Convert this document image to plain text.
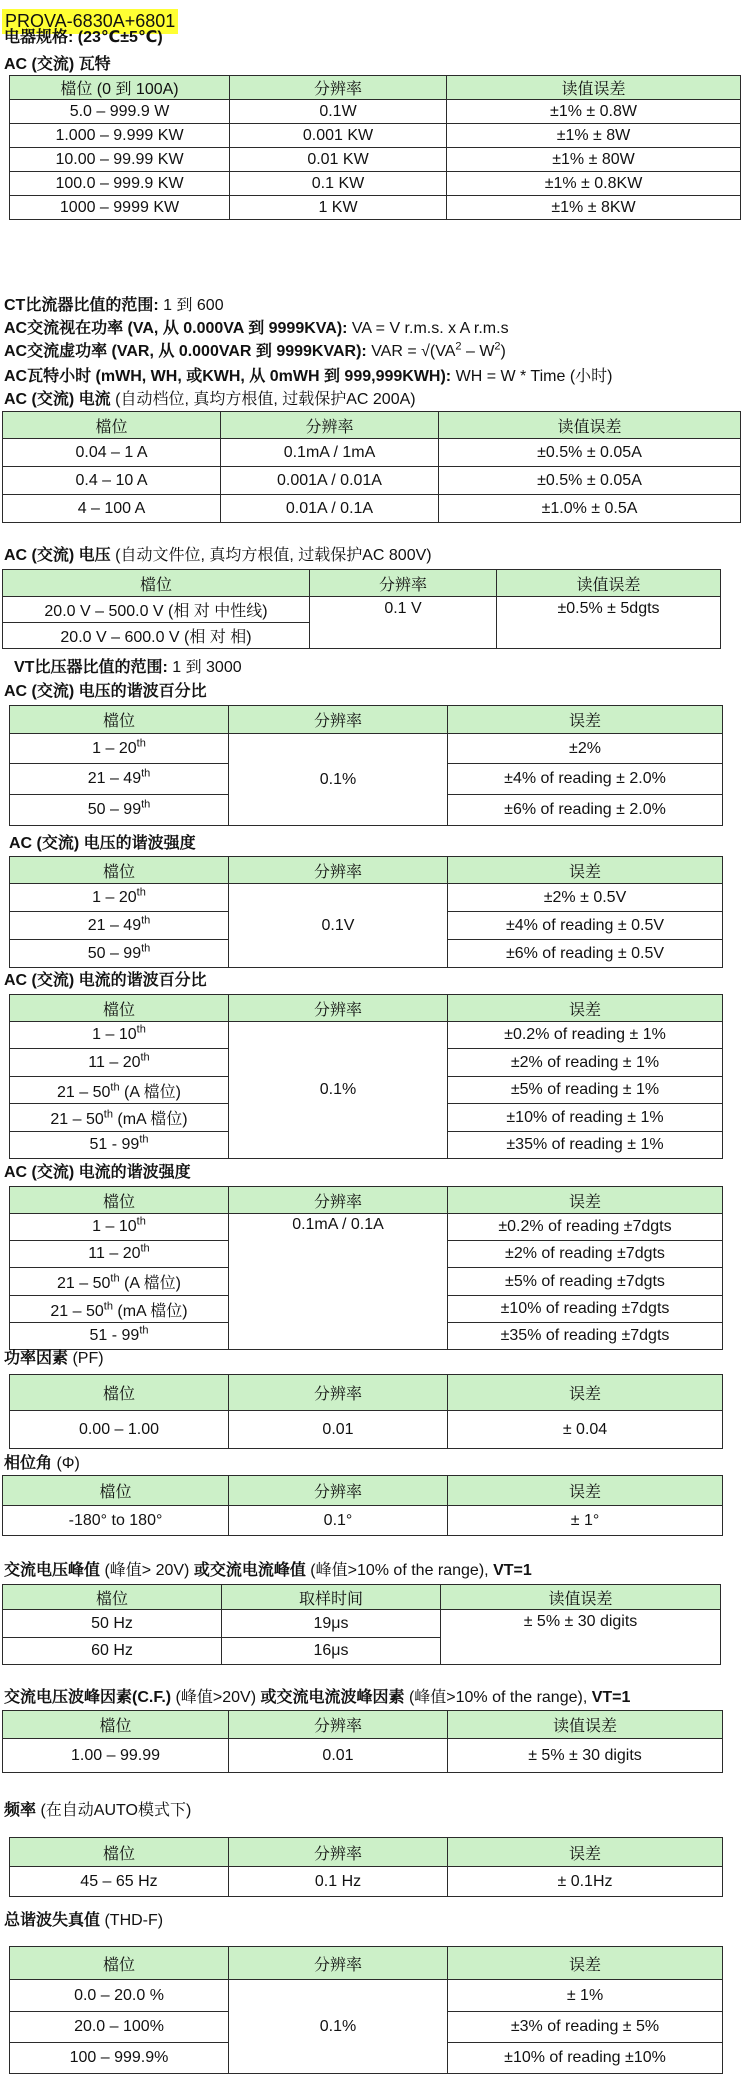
PROVA-6830A+6801
电器规格: (23℃±5℃)
AC (交流) 瓦特
檔位 (0 到 100A)	分辨率	读值误差
5.0 – 999.9 W	0.1W	±1% ± 0.8W
1.000 – 9.999 KW	0.001 KW	±1% ± 8W
10.00 – 99.99 KW	0.01 KW	±1% ± 80W
100.0 – 999.9 KW	0.1 KW	±1% ± 0.8KW
1000 – 9999 KW	1 KW	±1% ± 8KW
CT比流器比值的范围: 1 到 600
AC交流视在功率 (VA, 从 0.000VA 到 9999KVA): VA = V r.m.s. x A r.m.s
AC交流虚功率 (VAR, 从 0.000VAR 到 9999KVAR): VAR = $√(VA^2 - W^2)$
AC瓦特小时 (mWH, WH, 或KWH, 从 0mWH 到 999,999KWH): WH = W * Time (小时)
AC (交流) 电流 (自动档位, 真均方根值, 过载保护AC 200A)
檔位	分辨率	读值误差
0.04 – 1 A	0.1mA / 1mA	±0.5% ± 0.05A
0.4 – 10 A	0.001A / 0.01A	±0.5% ± 0.05A
4 – 100 A	0.01A / 0.1A	±1.0% ± 0.5A
AC (交流) 电压 (自动文件位, 真均方根值, 过载保护AC 800V)
檔位	分辨率	读值误差
20.0 V – 500.0 V (相 对 中性线)	0.1 V	±0.5% ± 5dgts
20.0 V – 600.0 V (相 对 相)		
VT比压器比值的范围: 1 到 3000
AC (交流) 电压的谐波百分比
檔位	分辨率	误差
1 – 20th	0.1%	±2%
21 – 49th		±4% of reading ± 2.0%
50 – 99th		±6% of reading ± 2.0%
AC (交流) 电压的谐波强度
檔位	分辨率	误差
1 – 20th	0.1V	±2% ± 0.5V
21 – 49th		±4% of reading ± 0.5V
50 – 99th		±6% of reading ± 0.5V
AC (交流) 电流的谐波百分比
檔位	分辨率	误差
1 – 10th	0.1%	±0.2% of reading ± 1%
11 – 20th		±2% of reading ± 1%
21 – 50th (A 檔位)		±5% of reading ± 1%
21 – 50th (mA 檔位)		±10% of reading ± 1%
51 - 99th		±35% of reading ± 1%
AC (交流) 电流的谐波强度
檔位	分辨率	误差
1 – 10th	0.1mA / 0.1A	±0.2% of reading ±7dgts
11 – 20th		±2% of reading ±7dgts
21 – 50th (A 檔位)		±5% of reading ±7dgts
21 – 50th (mA 檔位)		±10% of reading ±7dgts
51 - 99th		±35% of reading ±7dgts
功率因素 (PF)
檔位	分辨率	误差
0.00 – 1.00	0.01	± 0.04
相位角 (Φ)
檔位	分辨率	误差
-180° to 180°	0.1°	± 1°
交流电压峰值 (峰值> 20V) 或交流电流峰值 (峰值>10% of the range), VT=1
檔位	取样时间	读值误差
50 Hz	19μs	± 5% ± 30 digits
60 Hz	16μs	
交流电压波峰因素(C.F.) (峰值>20V) 或交流电流波峰因素 (峰值>10% of the range), VT=1
檔位	分辨率	读值误差
1.00 – 99.99	0.01	± 5% ± 30 digits
频率 (在自动AUTO模式下)
檔位	分辨率	误差
45 – 65 Hz	0.1 Hz	± 0.1Hz
总谐波失真值 (THD-F)
檔位	分辨率	误差
0.0 – 20.0 %	0.1%	± 1%
20.0 – 100%		±3% of reading ± 5%
100 – 999.9%		±10% of reading ±10%
